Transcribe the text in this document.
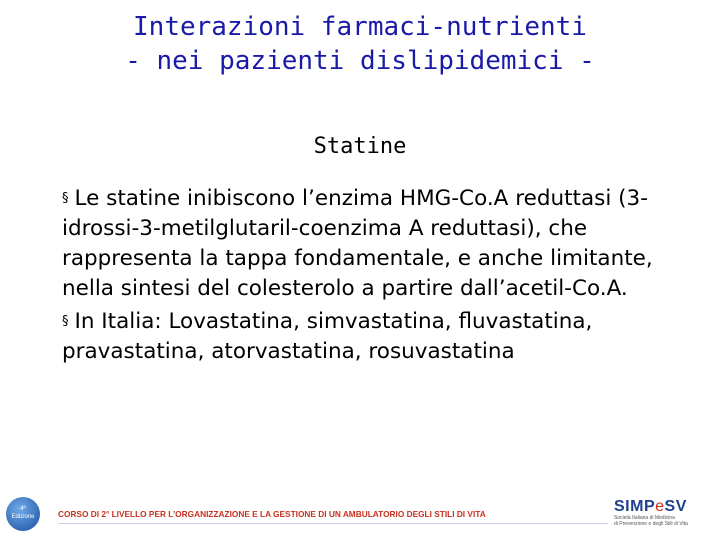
Interazioni farmaci-nutrienti
- nei pazienti dislipidemici -
Statine

§ Le statine inibiscono l’enzima HMG-Co.A reduttasi (3-idrossi-3-metilglutaril-coenzima A reduttasi), che rappresenta la tappa fondamentale, e anche limitante, nella sintesi del colesterolo a partire dall’acetil-Co.A.

§ In Italia: Lovastatina, simvastatina, fluvastatina, pravastatina, atorvastatina, rosuvastatina

4ª
Edizione	CORSO DI 2° LIVELLO PER L’ORGANIZZAZIONE E LA GESTIONE DI UN AMBULATORIO DEGLI STILI DI VITA	SIMPeSV
Società Italiana di Medicina
di Prevenzione e degli Stili di Vita
